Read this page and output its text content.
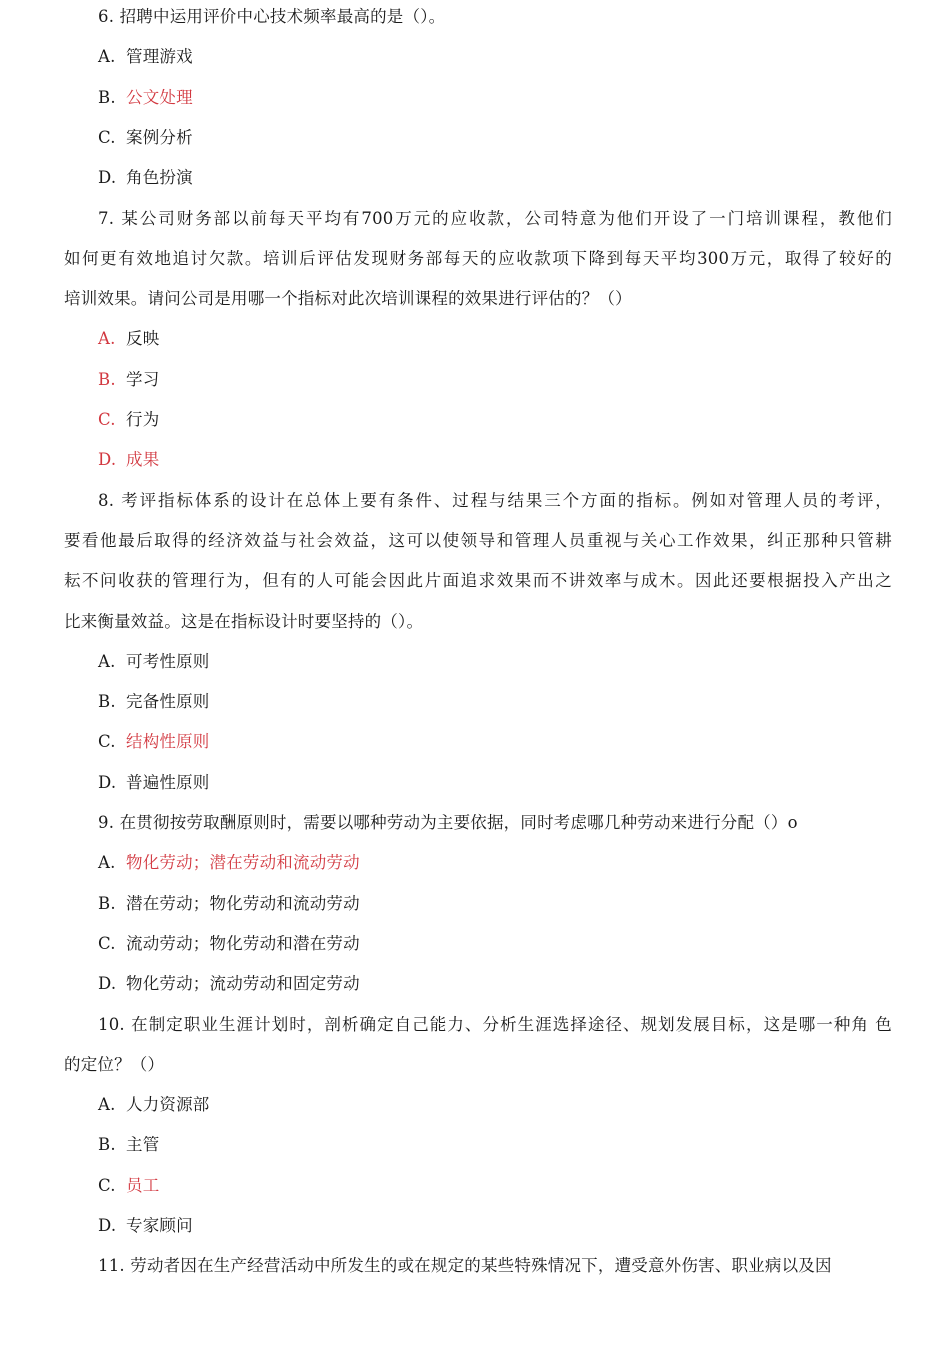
6. 招聘中运用评价中心技术频率最高的是（）。
A. 管理游戏
B. 公文处理
C. 案例分析
D. 角色扮演
7. 某公司财务部以前每天平均有700万元的应收款，公司特意为他们开设了一门培训课程，教他们
如何更有效地追讨欠款。培训后评估发现财务部每天的应收款项下降到每天平均300万元，取得了较好的
培训效果。请问公司是用哪一个指标对此次培训课程的效果进行评估的？（）
A. 反映
B. 学习
C. 行为
D. 成果
8. 考评指标体系的设计在总体上要有条件、过程与结果三个方面的指标。例如对管理人员的考评，
要看他最后取得的经济效益与社会效益，这可以使领导和管理人员重视与关心工作效果，纠正那种只管耕
耘不问收获的管理行为，但有的人可能会因此片面追求效果而不讲效率与成木。因此还要根据投入产出之
比来衡量效益。这是在指标设计时要坚持的（）。
A. 可考性原则
B. 完备性原则
C. 结构性原则
D. 普遍性原则
9. 在贯彻按劳取酬原则时，需要以哪种劳动为主要依据，同时考虑哪几种劳动来进行分配（）o
A. 物化劳动；潜在劳动和流动劳动
B. 潜在劳动；物化劳动和流动劳动
C. 流动劳动；物化劳动和潜在劳动
D. 物化劳动；流动劳动和固定劳动
10. 在制定职业生涯计划时，剖析确定自己能力、分析生涯选择途径、规划发展目标，这是哪一种角 色
的定位？（）
A. 人力资源部
B. 主管
C. 员工
D. 专家顾问
11. 劳动者因在生产经营活动中所发生的或在规定的某些特殊情况下，遭受意外伤害、职业病以及因
